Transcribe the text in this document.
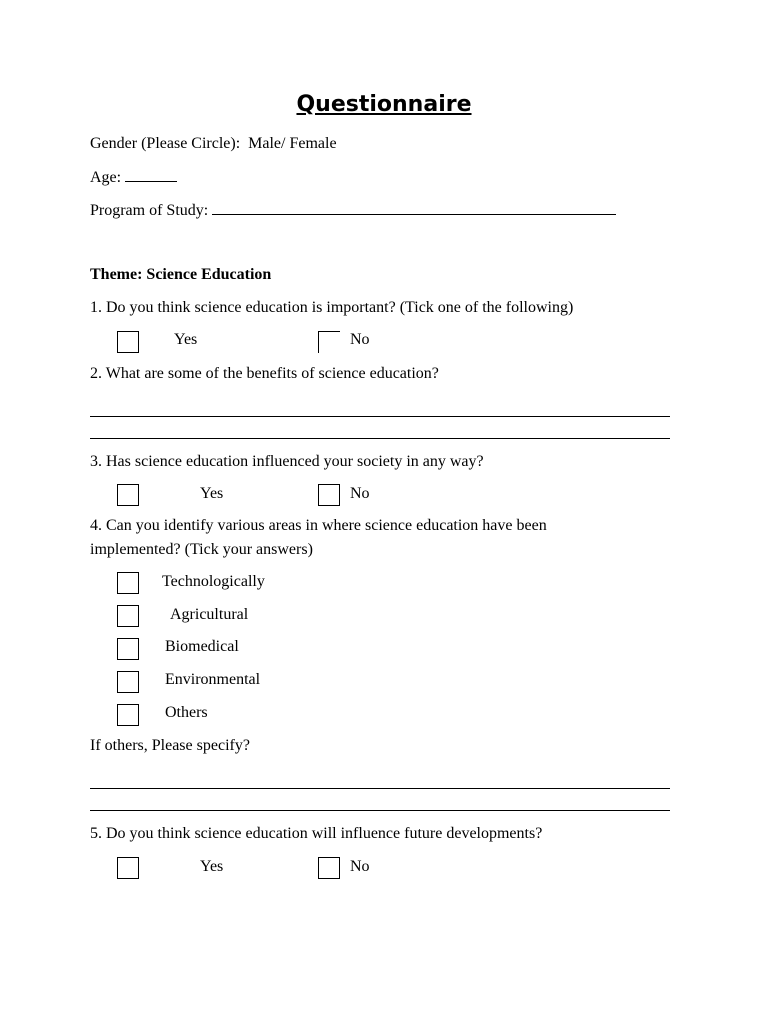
Questionnaire
Gender (Please Circle): Male/ Female
Age:
Program of Study:
Theme: Science Education
1. Do you think science education is important? (Tick one of the following)
Yes	No
2. What are some of the benefits of science education?
3. Has science education influenced your society in any way?
Yes	No
4. Can you identify various areas in where science education have been
implemented? (Tick your answers)
Technologically
Agricultural
Biomedical
Environmental
Others
If others, Please specify?
5. Do you think science education will influence future developments?
Yes	No
